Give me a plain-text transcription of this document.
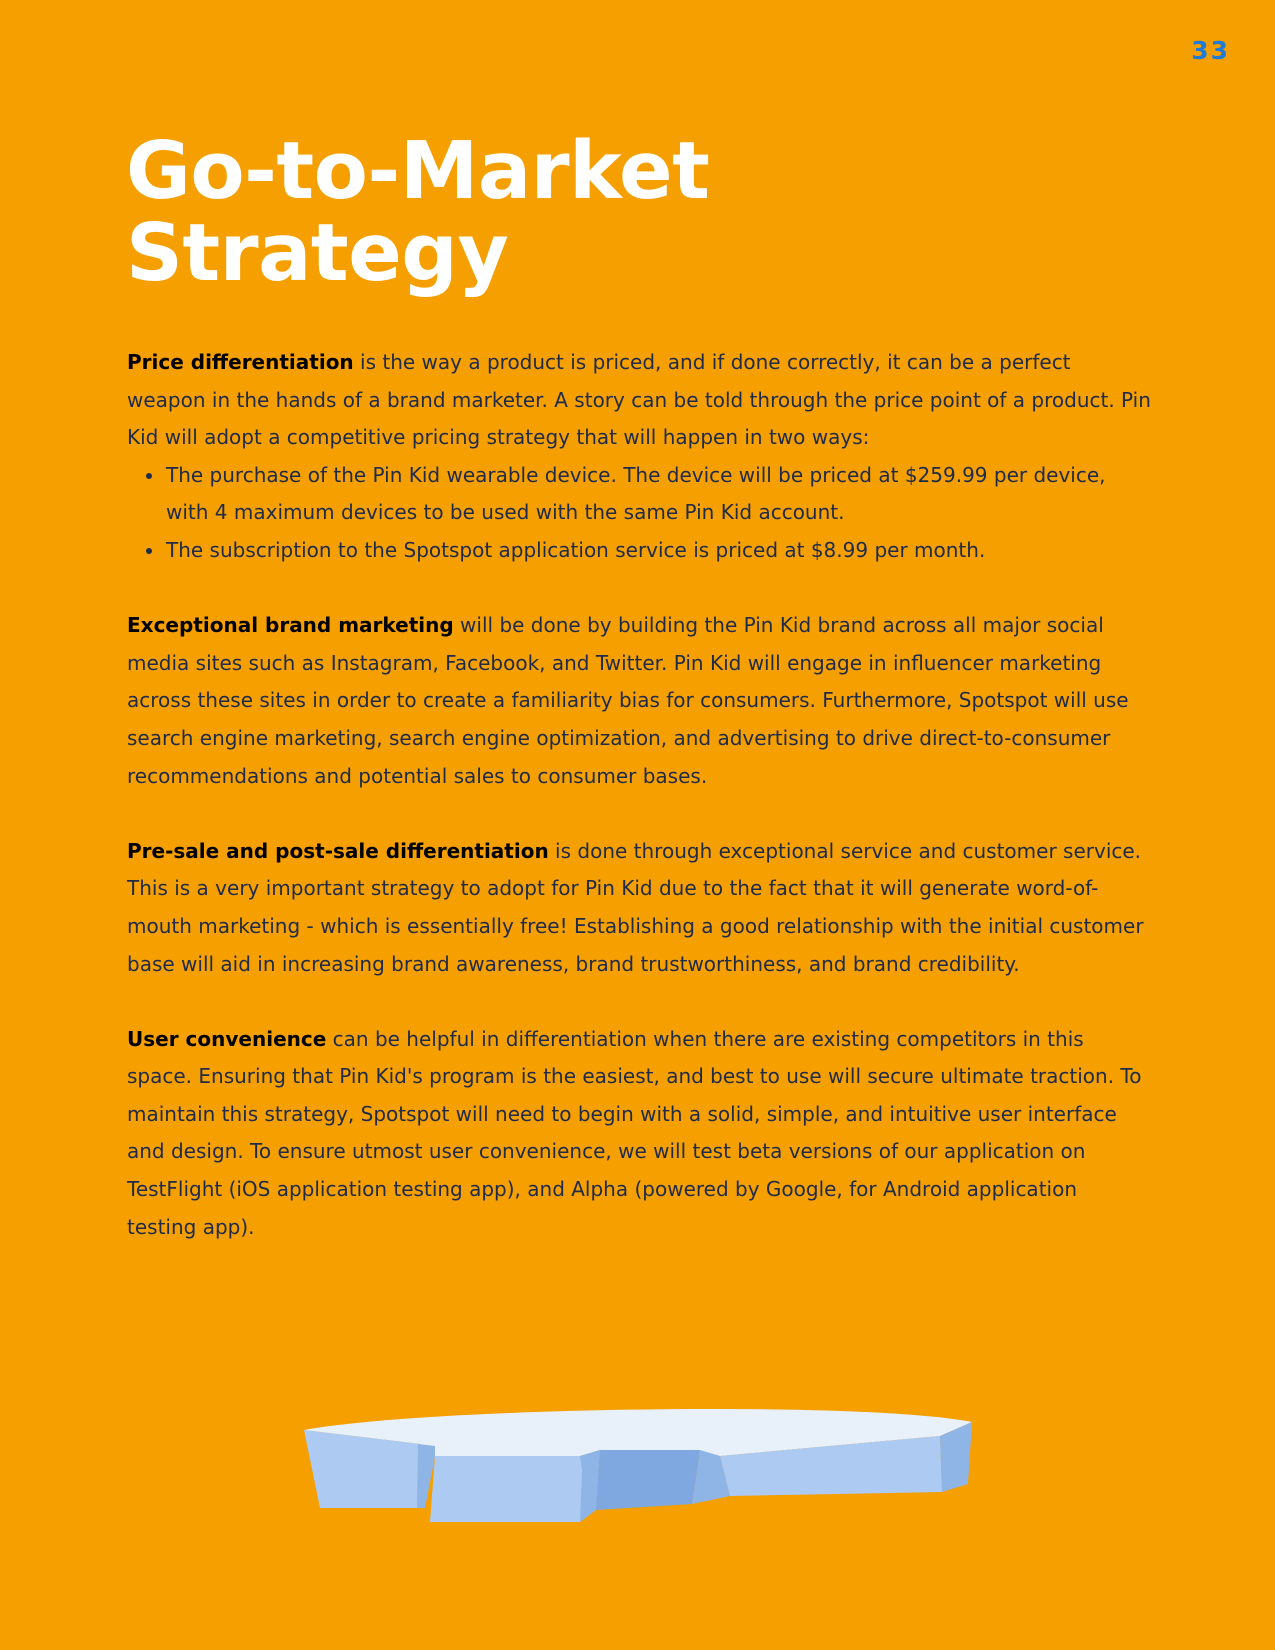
33
Go-to-Market
Strategy

Price differentiation is the way a product is priced, and if done correctly, it can be a perfect weapon in the hands of a brand marketer. A story can be told through the price point of a product. Pin Kid will adopt a competitive pricing strategy that will happen in two ways:

The purchase of the Pin Kid wearable device. The device will be priced at $259.99 per device, with 4 maximum devices to be used with the same Pin Kid account.
The subscription to the Spotspot application service is priced at $8.99 per month.

Exceptional brand marketing will be done by building the Pin Kid brand across all major social media sites such as Instagram, Facebook, and Twitter. Pin Kid will engage in influencer marketing across these sites in order to create a familiarity bias for consumers. Furthermore, Spotspot will use search engine marketing, search engine optimization, and advertising to drive direct-to-consumer recommendations and potential sales to consumer bases.

Pre-sale and post-sale differentiation is done through exceptional service and customer service. This is a very important strategy to adopt for Pin Kid due to the fact that it will generate word-of-mouth marketing - which is essentially free! Establishing a good relationship with the initial customer base will aid in increasing brand awareness, brand trustworthiness, and brand credibility.

User convenience can be helpful in differentiation when there are existing competitors in this space. Ensuring that Pin Kid's program is the easiest, and best to use will secure ultimate traction. To maintain this strategy, Spotspot will need to begin with a solid, simple, and intuitive user interface and design. To ensure utmost user convenience, we will test beta versions of our application on TestFlight (iOS application testing app), and Alpha (powered by Google, for Android application testing app).
